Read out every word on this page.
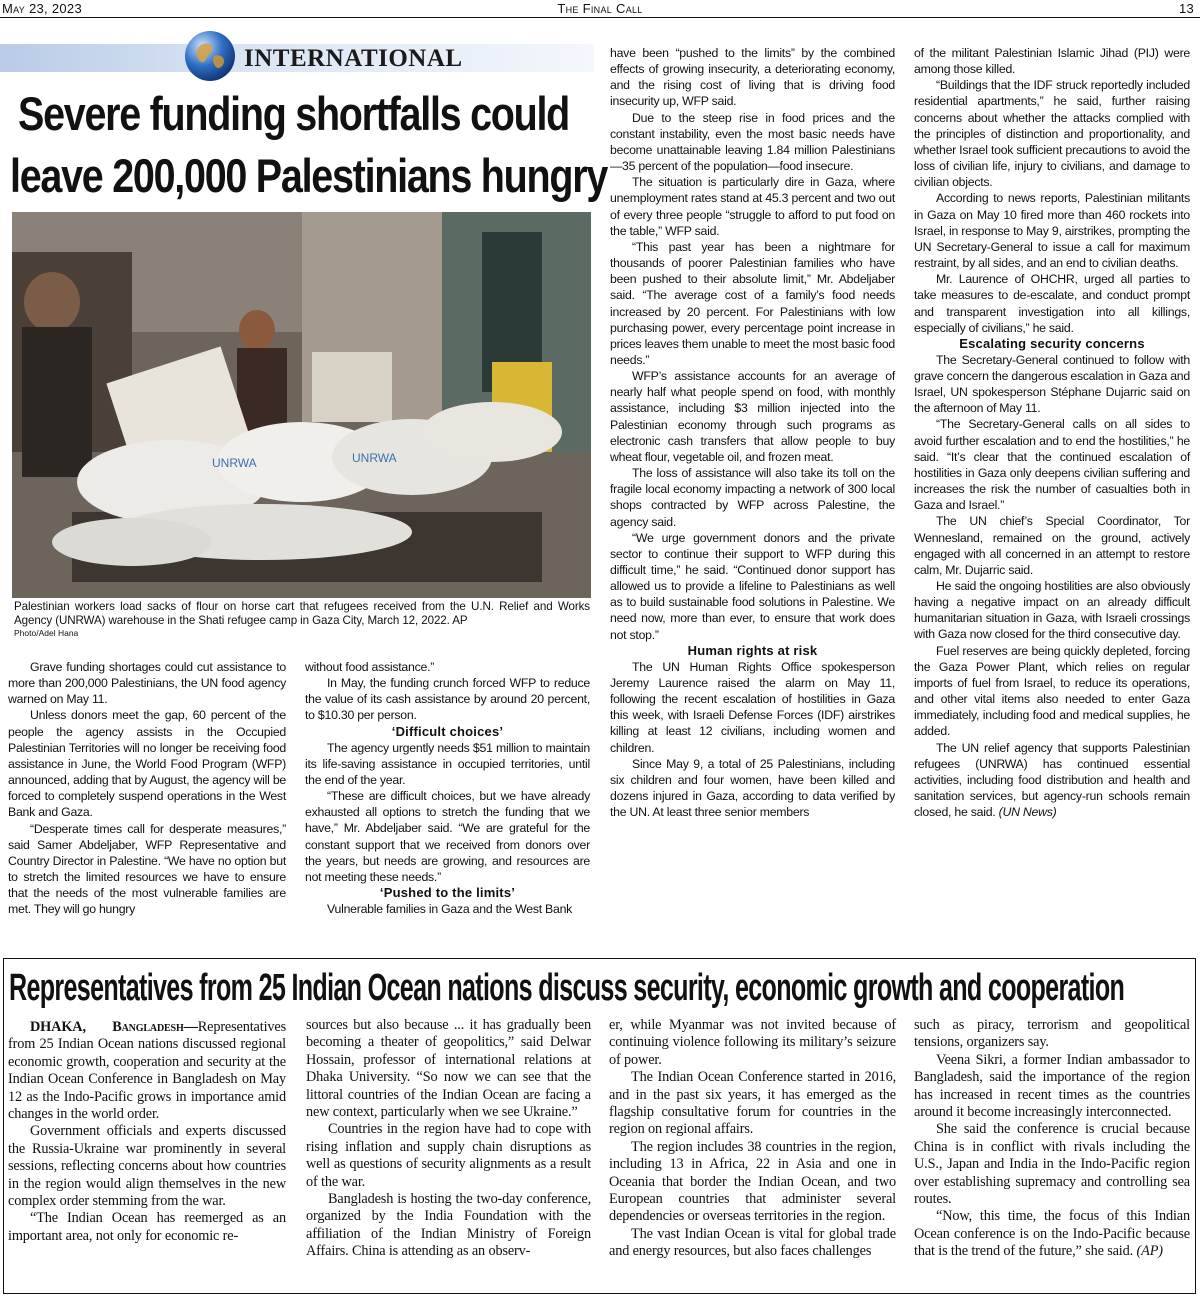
May 23, 2023	The Final Call	13
INTERNATIONAL
Severe funding shortfalls could
leave 200,000 Palestinians hungry
UNRWA	UNRWA
Palestinian workers load sacks of flour on horse cart that refugees received from the U.N. Relief and Works Agency (UNRWA) warehouse in the Shati refugee camp in Gaza City, March 12, 2022. AP
Photo/Adel Hana

Grave funding shortages could cut assistance to more than 200,000 Palestinians, the UN food agency warned on May 11.

Unless donors meet the gap, 60 percent of the people the agency assists in the Occupied Palestinian Territories will no longer be receiving food assistance in June, the World Food Program (WFP) announced, adding that by August, the agency will be forced to completely suspend operations in the West Bank and Gaza.

“Desperate times call for desperate measures,” said Samer Abdeljaber, WFP Representative and Country Director in Palestine. “We have no option but to stretch the limited resources we have to ensure that the needs of the most vulnerable families are met. They will go hungry

without food assistance.”

In May, the funding crunch forced WFP to reduce the value of its cash assistance by around 20 percent, to $10.30 per person.

‘Difficult choices’

The agency urgently needs $51 million to maintain its life-saving assistance in occupied territories, until the end of the year.

“These are difficult choices, but we have already exhausted all options to stretch the funding that we have,” Mr. Abdeljaber said. “We are grateful for the constant support that we received from donors over the years, but needs are growing, and resources are not meeting these needs.”

‘Pushed to the limits’

Vulnerable families in Gaza and the West Bank

have been “pushed to the limits” by the combined effects of growing insecurity, a deteriorating economy, and the rising cost of living that is driving food insecurity up, WFP said.

Due to the steep rise in food prices and the constant instability, even the most basic needs have become unattainable leaving 1.84 million Palestinians—35 percent of the population—food insecure.

The situation is particularly dire in Gaza, where unemployment rates stand at 45.3 percent and two out of every three people “struggle to afford to put food on the table,” WFP said.

“This past year has been a nightmare for thousands of poorer Palestinian families who have been pushed to their absolute limit,” Mr. Abdeljaber said. “The average cost of a family’s food needs increased by 20 percent. For Palestinians with low purchasing power, every percentage point increase in prices leaves them unable to meet the most basic food needs.”

WFP’s assistance accounts for an average of nearly half what people spend on food, with monthly assistance, including $3 million injected into the Palestinian economy through such programs as electronic cash transfers that allow people to buy wheat flour, vegetable oil, and frozen meat.

The loss of assistance will also take its toll on the fragile local economy impacting a network of 300 local shops contracted by WFP across Palestine, the agency said.

“We urge government donors and the private sector to continue their support to WFP during this difficult time,” he said. “Continued donor support has allowed us to provide a lifeline to Palestinians as well as to build sustainable food solutions in Palestine. We need now, more than ever, to ensure that work does not stop.”

Human rights at risk

The UN Human Rights Office spokesperson Jeremy Laurence raised the alarm on May 11, following the recent escalation of hostilities in Gaza this week, with Israeli Defense Forces (IDF) airstrikes killing at least 12 civilians, including women and children.

Since May 9, a total of 25 Palestinians, including six children and four women, have been killed and dozens injured in Gaza, according to data verified by the UN. At least three senior members

of the militant Palestinian Islamic Jihad (PIJ) were among those killed.

“Buildings that the IDF struck reportedly included residential apartments,” he said, further raising concerns about whether the attacks complied with the principles of distinction and proportionality, and whether Israel took sufficient precautions to avoid the loss of civilian life, injury to civilians, and damage to civilian objects.

According to news reports, Palestinian militants in Gaza on May 10 fired more than 460 rockets into Israel, in response to May 9, airstrikes, prompting the UN Secretary-General to issue a call for maximum restraint, by all sides, and an end to civilian deaths.

Mr. Laurence of OHCHR, urged all parties to take measures to de-escalate, and conduct prompt and transparent investigation into all killings, especially of civilians,” he said.

Escalating security concerns

The Secretary-General continued to follow with grave concern the dangerous escalation in Gaza and Israel, UN spokesperson Stéphane Dujarric said on the afternoon of May 11.

“The Secretary-General calls on all sides to avoid further escalation and to end the hostilities,” he said. “It’s clear that the continued escalation of hostilities in Gaza only deepens civilian suffering and increases the risk the number of casualties both in Gaza and Israel.”

The UN chief’s Special Coordinator, Tor Wennesland, remained on the ground, actively engaged with all concerned in an attempt to restore calm, Mr. Dujarric said.

He said the ongoing hostilities are also obviously having a negative impact on an already difficult humanitarian situation in Gaza, with Israeli crossings with Gaza now closed for the third consecutive day.

Fuel reserves are being quickly depleted, forcing the Gaza Power Plant, which relies on regular imports of fuel from Israel, to reduce its operations, and other vital items also needed to enter Gaza immediately, including food and medical supplies, he added.

The UN relief agency that supports Palestinian refugees (UNRWA) has continued essential activities, including food distribution and health and sanitation services, but agency-run schools remain closed, he said. (UN News)

Representatives from 25 Indian Ocean nations discuss security, economic growth and cooperation

DHAKA, Bangladesh—Representatives from 25 Indian Ocean nations discussed regional economic growth, cooperation and security at the Indian Ocean Conference in Bangladesh on May 12 as the Indo-Pacific grows in importance amid changes in the world order.

Government officials and experts discussed the Russia-Ukraine war prominently in several sessions, reflecting concerns about how countries in the region would align themselves in the new complex order stemming from the war.

“The Indian Ocean has reemerged as an important area, not only for economic re-

sources but also because ... it has gradually been becoming a theater of geopolitics,” said Delwar Hossain, professor of international relations at Dhaka University. “So now we can see that the littoral countries of the Indian Ocean are facing a new context, particularly when we see Ukraine.”

Countries in the region have had to cope with rising inflation and supply chain disruptions as well as questions of security alignments as a result of the war.

Bangladesh is hosting the two-day conference, organized by the India Foundation with the affiliation of the Indian Ministry of Foreign Affairs. China is attending as an observ-

er, while Myanmar was not invited because of continuing violence following its military’s seizure of power.

The Indian Ocean Conference started in 2016, and in the past six years, it has emerged as the flagship consultative forum for countries in the region on regional affairs.

The region includes 38 countries in the region, including 13 in Africa, 22 in Asia and one in Oceania that border the Indian Ocean, and two European countries that administer several dependencies or overseas territories in the region.

The vast Indian Ocean is vital for global trade and energy resources, but also faces challenges

such as piracy, terrorism and geopolitical tensions, organizers say.

Veena Sikri, a former Indian ambassador to Bangladesh, said the importance of the region has increased in recent times as the countries around it become increasingly interconnected.

She said the conference is crucial because China is in conflict with rivals including the U.S., Japan and India in the Indo-Pacific region over establishing supremacy and controlling sea routes.

“Now, this time, the focus of this Indian Ocean conference is on the Indo-Pacific because that is the trend of the future,” she said. (AP)
